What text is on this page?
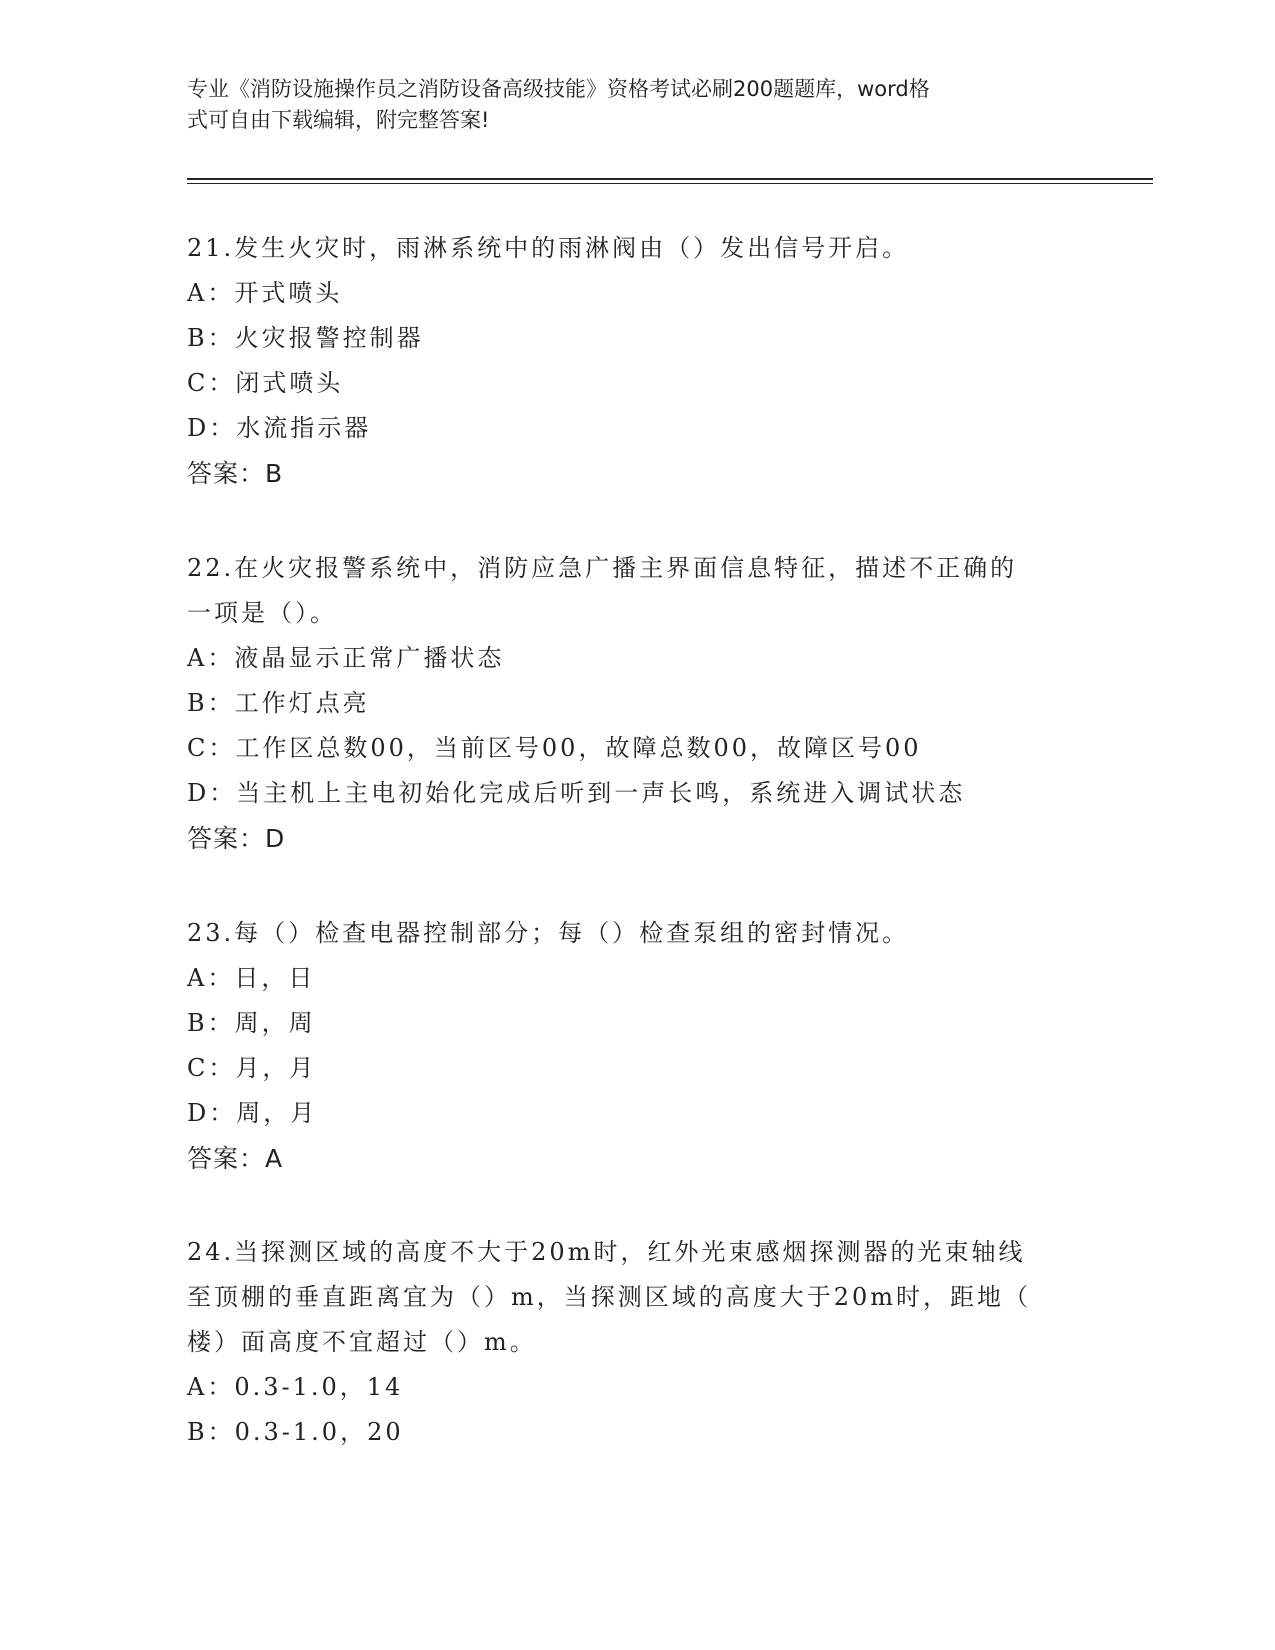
专业《消防设施操作员之消防设备高级技能》资格考试必刷200题题库，word格
式可自由下载编辑，附完整答案!
21.发生火灾时，雨淋系统中的雨淋阀由（）发出信号开启。
A：开式喷头
B：火灾报警控制器
C：闭式喷头
D：水流指示器
答案：B
22.在火灾报警系统中，消防应急广播主界面信息特征，描述不正确的
一项是（）。
A：液晶显示正常广播状态
B：工作灯点亮
C：工作区总数00，当前区号00，故障总数00，故障区号00
D：当主机上主电初始化完成后听到一声长鸣，系统进入调试状态
答案：D
23.每（）检查电器控制部分；每（）检查泵组的密封情况。
A：日，日
B：周，周
C：月，月
D：周，月
答案：A
24.当探测区域的高度不大于20m时，红外光束感烟探测器的光束轴线
至顶棚的垂直距离宜为（）m，当探测区域的高度大于20m时，距地（
楼）面高度不宜超过（）m。
A：0.3-1.0，14
B：0.3-1.0，20
